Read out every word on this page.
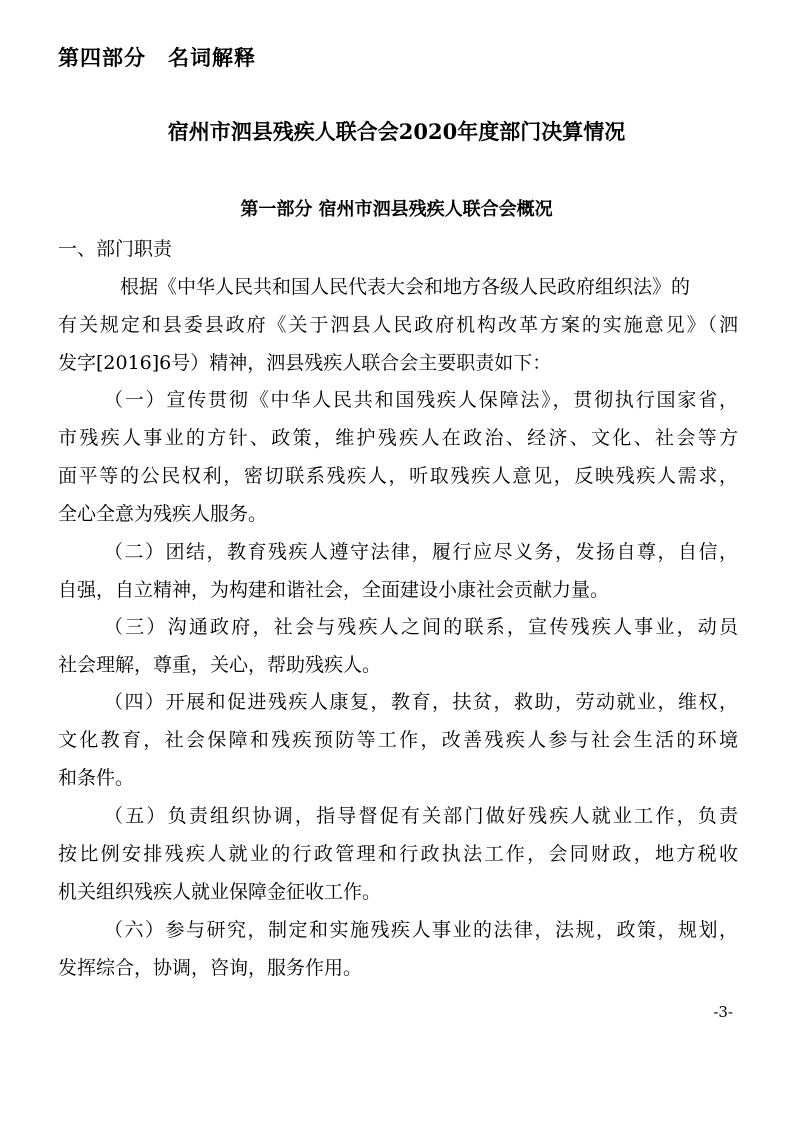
第四部分　名词解释
宿州市泗县残疾人联合会2020年度部门决算情况
第一部分 宿州市泗县残疾人联合会概况
一、部门职责
根据《中华人民共和国人民代表大会和地方各级人民政府组织法》的
有关规定和县委县政府《关于泗县人民政府机构改革方案的实施意见》（泗
发字[2016]6号）精神，泗县残疾人联合会主要职责如下：
（一）宣传贯彻《中华人民共和国残疾人保障法》，贯彻执行国家省，
市残疾人事业的方针、政策，维护残疾人在政治、经济、文化、社会等方
面平等的公民权利，密切联系残疾人，听取残疾人意见，反映残疾人需求，
全心全意为残疾人服务。
（二）团结，教育残疾人遵守法律，履行应尽义务，发扬自尊，自信，
自强，自立精神，为构建和谐社会，全面建设小康社会贡献力量。
（三）沟通政府，社会与残疾人之间的联系，宣传残疾人事业，动员
社会理解，尊重，关心，帮助残疾人。
（四）开展和促进残疾人康复，教育，扶贫，救助，劳动就业，维权，
文化教育，社会保障和残疾预防等工作，改善残疾人参与社会生活的环境
和条件。
（五）负责组织协调，指导督促有关部门做好残疾人就业工作，负责
按比例安排残疾人就业的行政管理和行政执法工作，会同财政，地方税收
机关组织残疾人就业保障金征收工作。
（六）参与研究，制定和实施残疾人事业的法律，法规，政策，规划，
发挥综合，协调，咨询，服务作用。
-3-
